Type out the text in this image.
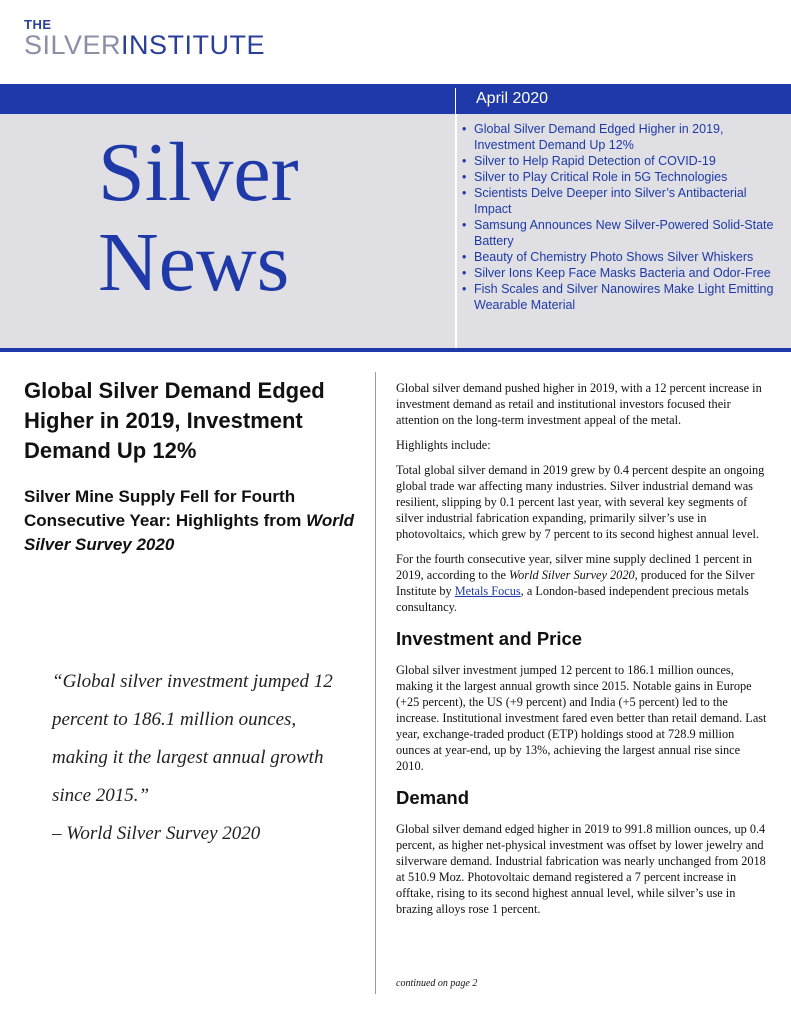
THE
SILVERINSTITUTE
April 2020
Silver
News
• Global Silver Demand Edged Higher in 2019, Investment Demand Up 12%
• Silver to Help Rapid Detection of COVID-19
• Silver to Play Critical Role in 5G Technologies
• Scientists Delve Deeper into Silver’s Antibacterial Impact
• Samsung Announces New Silver-Powered Solid-State Battery
• Beauty of Chemistry Photo Shows Silver Whiskers
• Silver Ions Keep Face Masks Bacteria and Odor-Free
• Fish Scales and Silver Nanowires Make Light Emitting Wearable Material
Global Silver Demand Edged Higher in 2019, Investment Demand Up 12%
Silver Mine Supply Fell for Fourth Consecutive Year: Highlights from World Silver Survey 2020
“Global silver investment jumped 12 percent to 186.1 million ounces, making it the largest annual growth since 2015.”
– World Silver Survey 2020

Global silver demand pushed higher in 2019, with a 12 percent increase in investment demand as retail and institutional investors focused their attention on the long-term investment appeal of the metal.

Highlights include:

Total global silver demand in 2019 grew by 0.4 percent despite an ongoing global trade war affecting many industries. Silver industrial demand was resilient, slipping by 0.1 percent last year, with several key segments of silver industrial fabrication expanding, primarily silver’s use in photovoltaics, which grew by 7 percent to its second highest annual level.

For the fourth consecutive year, silver mine supply declined 1 percent in 2019, according to the World Silver Survey 2020, produced for the Silver Institute by Metals Focus, a London-based independent precious metals consultancy.

Investment and Price

Global silver investment jumped 12 percent to 186.1 million ounces, making it the largest annual growth since 2015. Notable gains in Europe (+25 percent), the US (+9 percent) and India (+5 percent) led to the increase. Institutional investment fared even better than retail demand. Last year, exchange-traded product (ETP) holdings stood at 728.9 million ounces at year-end, up by 13%, achieving the largest annual rise since 2010.

Demand

Global silver demand edged higher in 2019 to 991.8 million ounces, up 0.4 percent, as higher net-physical investment was offset by lower jewelry and silverware demand. Industrial fabrication was nearly unchanged from 2018 at 510.9 Moz. Photovoltaic demand registered a 7 percent increase in offtake, rising to its second highest annual level, while silver’s use in brazing alloys rose 1 percent.

continued on page 2
